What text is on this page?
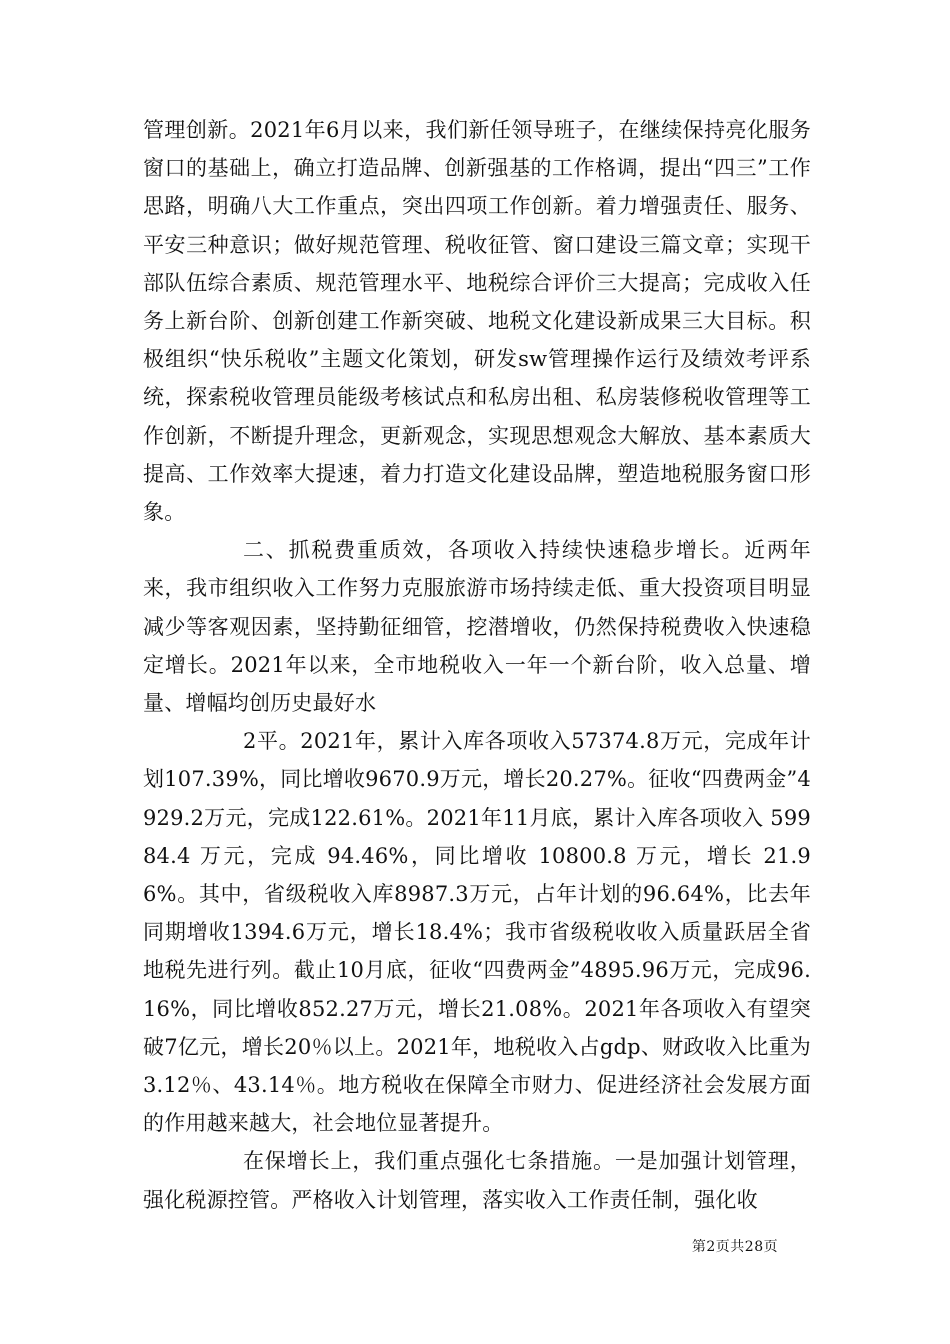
管理创新。2021年6月以来，我们新任领导班子，在继续保持亮化服务窗口的基础上，确立打造品牌、创新强基的工作格调，提出“四三”工作思路，明确八大工作重点，突出四项工作创新。着力增强责任、服务、平安三种意识；做好规范管理、税收征管、窗口建设三篇文章；实现干部队伍综合素质、规范管理水平、地税综合评价三大提高；完成收入任务上新台阶、创新创建工作新突破、地税文化建设新成果三大目标。积极组织“快乐税收”主题文化策划，研发sw管理操作运行及绩效考评系统，探索税收管理员能级考核试点和私房出租、私房装修税收管理等工作创新，不断提升理念，更新观念，实现思想观念大解放、基本素质大提高、工作效率大提速，着力打造文化建设品牌，塑造地税服务窗口形象。

二、抓税费重质效，各项收入持续快速稳步增长。近两年来，我市组织收入工作努力克服旅游市场持续走低、重大投资项目明显减少等客观因素，坚持勤征细管，挖潜增收，仍然保持税费收入快速稳定增长。2021年以来，全市地税收入一年一个新台阶，收入总量、增量、增幅均创历史最好水

2平。2021年，累计入库各项收入57374.8万元，完成年计划107.39%，同比增收9670.9万元，增长20.27%。征收“四费两金”4929.2万元，完成122.61%。2021年11月底，累计入库各项收入 59984.4 万元，完成 94.46%，同比增收 10800.8 万元，增长 21.96%。其中，省级税收入库8987.3万元，占年计划的96.64%，比去年同期增收1394.6万元，增长18.4%；我市省级税收收入质量跃居全省地税先进行列。截止10月底，征收“四费两金”4895.96万元，完成96.16%，同比增收852.27万元，增长21.08%。2021年各项收入有望突破7亿元，增长20％以上。2021年，地税收入占gdp、财政收入比重为3.12％、43.14％。地方税收在保障全市财力、促进经济社会发展方面的作用越来越大，社会地位显著提升。

在保增长上，我们重点强化七条措施。一是加强计划管理，强化税源控管。严格收入计划管理，落实收入工作责任制，强化收

第2页共28页
